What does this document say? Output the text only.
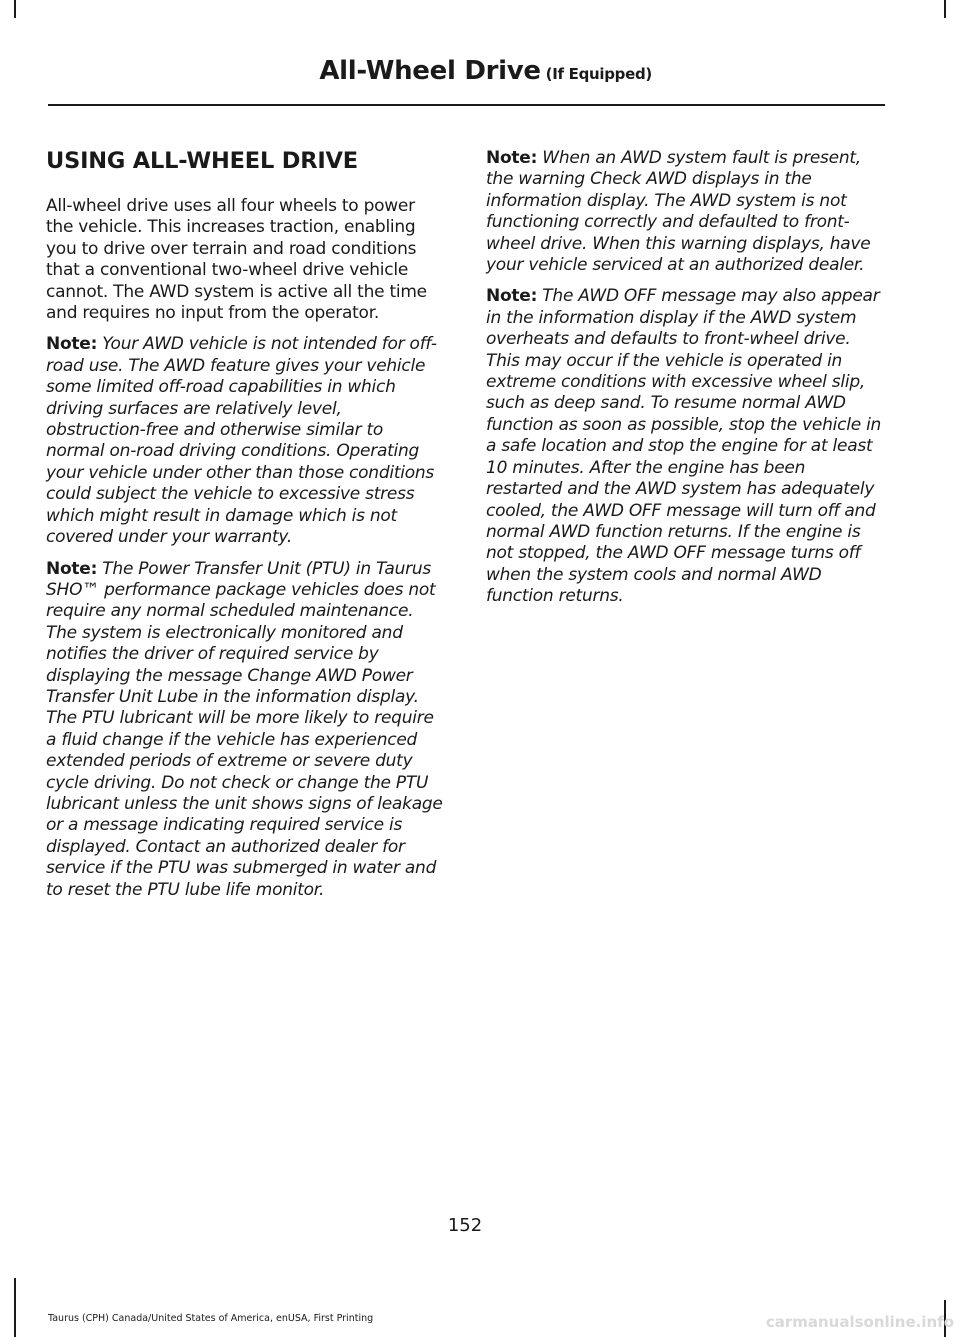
All-Wheel Drive (If Equipped)
USING ALL-WHEEL DRIVE

All-wheel drive uses all four wheels to power the vehicle. This increases traction, enabling you to drive over terrain and road conditions that a conventional two-wheel drive vehicle cannot. The AWD system is active all the time and requires no input from the operator.

Note: Your AWD vehicle is not intended for off-road use. The AWD feature gives your vehicle some limited off-road capabilities in which driving surfaces are relatively level, obstruction-free and otherwise similar to normal on-road driving conditions. Operating your vehicle under other than those conditions could subject the vehicle to excessive stress which might result in damage which is not covered under your warranty.

Note: The Power Transfer Unit (PTU) in Taurus SHO™ performance package vehicles does not require any normal scheduled maintenance. The system is electronically monitored and notifies the driver of required service by displaying the message Change AWD Power Transfer Unit Lube in the information display. The PTU lubricant will be more likely to require a fluid change if the vehicle has experienced extended periods of extreme or severe duty cycle driving. Do not check or change the PTU lubricant unless the unit shows signs of leakage or a message indicating required service is displayed. Contact an authorized dealer for service if the PTU was submerged in water and to reset the PTU lube life monitor.

Note: When an AWD system fault is present, the warning Check AWD displays in the information display. The AWD system is not functioning correctly and defaulted to front-wheel drive. When this warning displays, have your vehicle serviced at an authorized dealer.

Note: The AWD OFF message may also appear in the information display if the AWD system overheats and defaults to front-wheel drive. This may occur if the vehicle is operated in extreme conditions with excessive wheel slip, such as deep sand. To resume normal AWD function as soon as possible, stop the vehicle in a safe location and stop the engine for at least 10 minutes. After the engine has been restarted and the AWD system has adequately cooled, the AWD OFF message will turn off and normal AWD function returns. If the engine is not stopped, the AWD OFF message turns off when the system cools and normal AWD function returns.

152
Taurus (CPH) Canada/United States of America, enUSA, First Printing	carmanualsonline.info
